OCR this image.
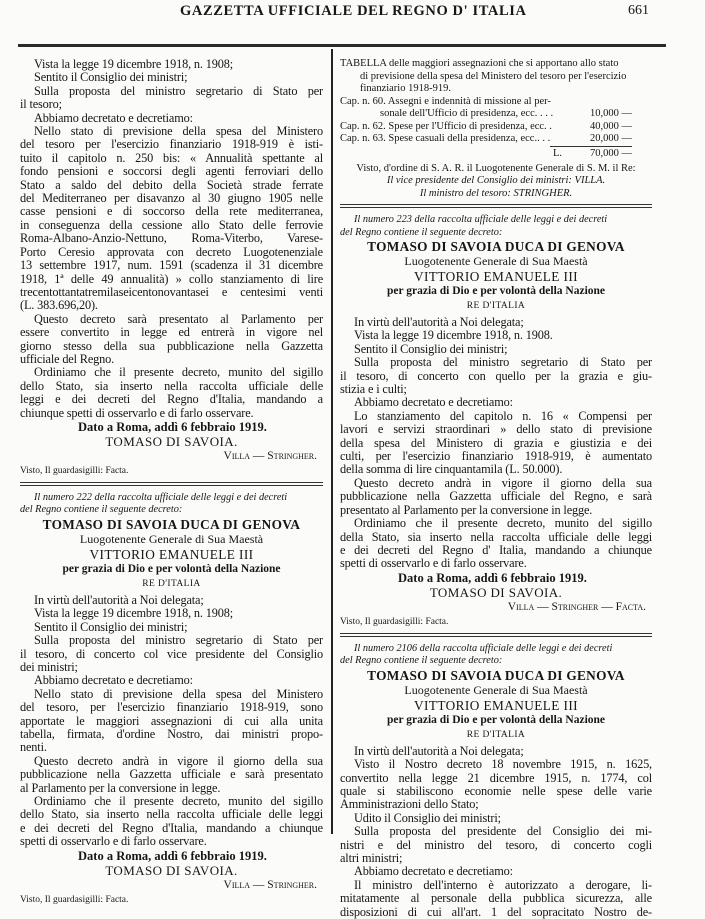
GAZZETTA UFFICIALE DEL REGNO D' ITALIA	661
Vista la legge 19 dicembre 1918, n. 1908;
Sentito il Consiglio dei ministri;
Sulla proposta del ministro segretario di Stato per
il tesoro;
Abbiamo decretato e decretiamo:
Nello stato di previsione della spesa del Ministero
del tesoro per l'esercizio finanziario 1918-919 è isti-
tuito il capitolo n. 250 bis: « Annualità spettante al
fondo pensioni e soccorsi degli agenti ferroviari dello
Stato a saldo del debito della Società strade ferrate
del Mediterraneo per disavanzo al 30 giugno 1905 nelle
casse pensioni e di soccorso della rete mediterranea,
in conseguenza della cessione allo Stato delle ferrovie
Roma-Albano-Anzio-Nettuno, Roma-Viterbo, Varese-
Porto Ceresio approvata con decreto Luogotenenziale
13 settembre 1917, num. 1591 (scadenza il 31 dicembre
1918, 1ª delle 49 annualità) » collo stanziamento di lire
trecentottantatremilaseicentonovantasei e centesimi venti
(L. 383.696,20).
Questo decreto sarà presentato al Parlamento per
essere convertito in legge ed entrerà in vigore nel
giorno stesso della sua pubblicazione nella Gazzetta
ufficiale del Regno.
Ordiniamo che il presente decreto, munito del sigillo
dello Stato, sia inserto nella raccolta ufficiale delle
leggi e dei decreti del Regno d'Italia, mandando a
chiunque spetti di osservarlo e di farlo osservare.
Dato a Roma, addì 6 febbraio 1919.
TOMASO DI SAVOIA.
Villa — Stringher.
Visto, Il guardasigilli: Facta.
Il numero 222 della raccolta ufficiale delle leggi e dei decreti
del Regno contiene il seguente decreto:
TOMASO DI SAVOIA DUCA DI GENOVA
Luogotenente Generale di Sua Maestà
VITTORIO EMANUELE III
per grazia di Dio e per volontà della Nazione
RE D'ITALIA
In virtù dell'autorità a Noi delegata;
Vista la legge 19 dicembre 1918, n. 1908;
Sentito il Consiglio dei ministri;
Sulla proposta del ministro segretario di Stato per
il tesoro, di concerto col vice presidente del Consiglio
dei ministri;
Abbiamo decretato e decretiamo:
Nello stato di previsione della spesa del Ministero
del tesoro, per l'esercizio finanziario 1918-919, sono
apportate le maggiori assegnazioni di cui alla unita
tabella, firmata, d'ordine Nostro, dai ministri propo-
nenti.
Questo decreto andrà in vigore il giorno della sua
pubblicazione nella Gazzetta ufficiale e sarà presentato
al Parlamento per la conversione in legge.
Ordiniamo che il presente decreto, munito del sigillo
dello Stato, sia inserto nella raccolta ufficiale delle leggi
e dei decreti del Regno d'Italia, mandando a chiunque
spetti di osservarlo e di farlo osservare.
Dato a Roma, addì 6 febbraio 1919.
TOMASO DI SAVOIA.
Villa — Stringher.
Visto, Il guardasigilli: Facta.
TABELLA delle maggiori assegnazioni che si apportano allo stato
di previsione della spesa del Ministero del tesoro per l'esercizio
finanziario 1918-919.
Cap. n. 60. Assegni e indennità di missione al per-
sonale dell'Ufficio di presidenza, ecc. . . .	10,000 —
Cap. n. 62. Spese per l'Ufficio di presidenza, ecc. .	40,000 —
Cap. n. 63. Spese casuali della presidenza, ecc.. . .	20,000 —
L.	70,000 —
Visto, d'ordine di S. A. R. il Luogotenente Generale di S. M. il Re:
Il vice presidente del Consiglio dei ministri: VILLA.
Il ministro del tesoro: STRINGHER.
Il numero 223 della raccolta ufficiale delle leggi e dei decreti
del Regno contiene il seguente decreto:
TOMASO DI SAVOIA DUCA DI GENOVA
Luogotenente Generale di Sua Maestà
VITTORIO EMANUELE III
per grazia di Dio e per volontà della Nazione
RE D'ITALIA
In virtù dell'autorità a Noi delegata;
Vista la legge 19 dicembre 1918, n. 1908.
Sentito il Consiglio dei ministri;
Sulla proposta del ministro segretario di Stato per
il tesoro, di concerto con quello per la grazia e giu-
stizia e i culti;
Abbiamo decretato e decretiamo:
Lo stanziamento del capitolo n. 16 « Compensi per
lavori e servizi straordinari » dello stato di previsione
della spesa del Ministero di grazia e giustizia e dei
culti, per l'esercizio finanziario 1918-919, è aumentato
della somma di lire cinquantamila (L. 50.000).
Questo decreto andrà in vigore il giorno della sua
pubblicazione nella Gazzetta ufficiale del Regno, e sarà
presentato al Parlamento per la conversione in legge.
Ordiniamo che il presente decreto, munito del sigillo
della Stato, sia inserto nella raccolta ufficiale delle leggi
e dei decreti del Regno d' Italia, mandando a chiunque
spetti di osservarlo e di farlo osservare.
Dato a Roma, addì 6 febbraio 1919.
TOMASO DI SAVOIA.
Villa — Stringher — Facta.
Visto, Il guardasigilli: Facta.
Il numero 2106 della raccolta ufficiale delle leggi e dei decreti
del Regno contiene il seguente decreto:
TOMASO DI SAVOIA DUCA DI GENOVA
Luogotenente Generale di Sua Maestà
VITTORIO EMANUELE III
per grazia di Dio e per volontà della Nazione
RE D'ITALIA
In virtù dell'autorità a Noi delegata;
Visto il Nostro decreto 18 novembre 1915, n. 1625,
convertito nella legge 21 dicembre 1915, n. 1774, col
quale si stabiliscono economie nelle spese delle varie
Amministrazioni dello Stato;
Udito il Consiglio dei ministri;
Sulla proposta del presidente del Consiglio dei mi-
nistri e del ministro del tesoro, di concerto cogli
altri ministri;
Abbiamo decretato e decretiamo:
Il ministro dell'interno è autorizzato a derogare, li-
mitatamente al personale della pubblica sicurezza, alle
disposizioni di cui all'art. 1 del sopracitato Nostro de-
